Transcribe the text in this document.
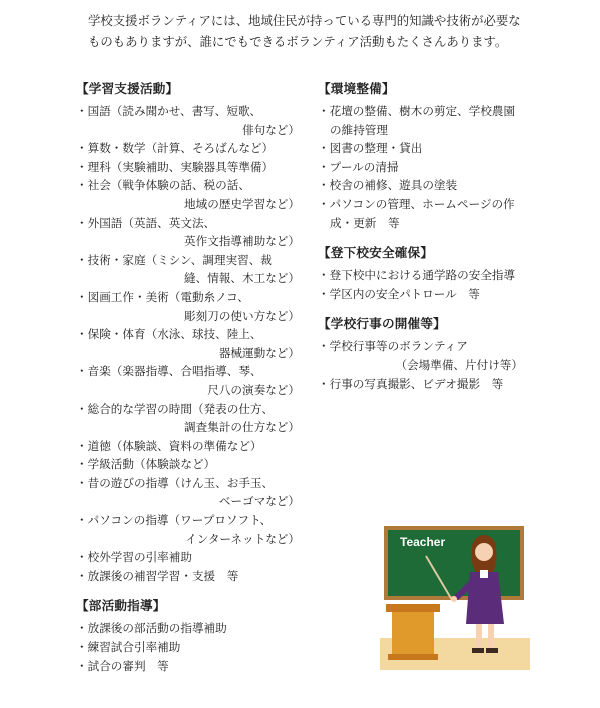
学校支援ボランティアには、地域住民が持っている専門的知識や技術が必要な
ものもありますが、誰にでもできるボランティア活動もたくさんあります。
【学習支援活動】
・国語（読み聞かせ、書写、短歌、
俳句など）
・算数・数学（計算、そろばんなど）
・理科（実験補助、実験器具等準備）
・社会（戦争体験の話、税の話、
地域の歴史学習など）
・外国語（英語、英文法、
英作文指導補助など）
・技術・家庭（ミシン、調理実習、裁
縫、情報、木工など）
・図画工作・美術（電動糸ノコ、
彫刻刀の使い方など）
・保険・体育（水泳、球技、陸上、
器械運動など）
・音楽（楽器指導、合唱指導、琴、
尺八の演奏など）
・総合的な学習の時間（発表の仕方、
調査集計の仕方など）
・道徳（体験談、資料の準備など）
・学級活動（体験談など）
・昔の遊びの指導（けん玉、お手玉、
ベーゴマなど）
・パソコンの指導（ワープロソフト、
インターネットなど）
・校外学習の引率補助
・放課後の補習学習・支援　等
【部活動指導】
・放課後の部活動の指導補助
・練習試合引率補助
・試合の審判　等
【環境整備】
・花壇の整備、樹木の剪定、学校農園
の維持管理
・図書の整理・貸出
・プールの清掃
・校舎の補修、遊具の塗装
・パソコンの管理、ホームページの作
成・更新　等
【登下校安全確保】
・登下校中における通学路の安全指導
・学区内の安全パトロール　等
【学校行事の開催等】
・学校行事等のボランティア
（会場準備、片付け等）
・行事の写真撮影、ビデオ撮影　等
Teacher
